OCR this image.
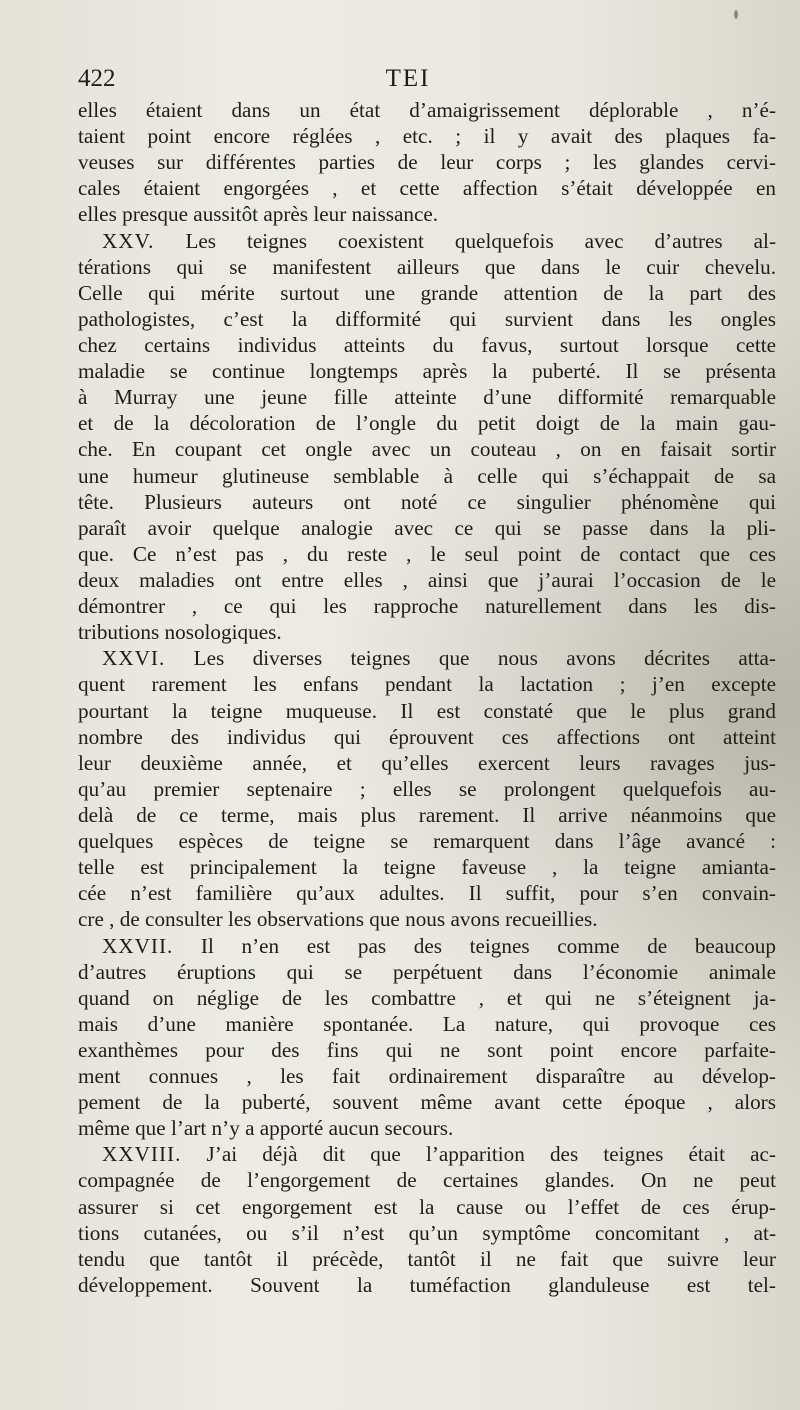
422	TEI
elles étaient dans un état d’amaigrissement déplorable , n’é-
taient point encore réglées , etc. ; il y avait des plaques fa-
veuses sur différentes parties de leur corps ; les glandes cervi-
cales étaient engorgées , et cette affection s’était développée en
elles presque aussitôt après leur naissance.
XXV. Les teignes coexistent quelquefois avec d’autres al-
térations qui se manifestent ailleurs que dans le cuir chevelu.
Celle qui mérite surtout une grande attention de la part des
pathologistes, c’est la difformité qui survient dans les ongles
chez certains individus atteints du favus, surtout lorsque cette
maladie se continue longtemps après la puberté. Il se présenta
à Murray une jeune fille atteinte d’une difformité remarquable
et de la décoloration de l’ongle du petit doigt de la main gau-
che. En coupant cet ongle avec un couteau , on en faisait sortir
une humeur glutineuse semblable à celle qui s’échappait de sa
tête. Plusieurs auteurs ont noté ce singulier phénomène qui
paraît avoir quelque analogie avec ce qui se passe dans la pli-
que. Ce n’est pas , du reste , le seul point de contact que ces
deux maladies ont entre elles , ainsi que j’aurai l’occasion de le
démontrer , ce qui les rapproche naturellement dans les dis-
tributions nosologiques.
XXVI. Les diverses teignes que nous avons décrites atta-
quent rarement les enfans pendant la lactation ; j’en excepte
pourtant la teigne muqueuse. Il est constaté que le plus grand
nombre des individus qui éprouvent ces affections ont atteint
leur deuxième année, et qu’elles exercent leurs ravages jus-
qu’au premier septenaire ; elles se prolongent quelquefois au-
delà de ce terme, mais plus rarement. Il arrive néanmoins que
quelques espèces de teigne se remarquent dans l’âge avancé :
telle est principalement la teigne faveuse , la teigne amianta-
cée n’est familière qu’aux adultes. Il suffit, pour s’en convain-
cre , de consulter les observations que nous avons recueillies.
XXVII. Il n’en est pas des teignes comme de beaucoup
d’autres éruptions qui se perpétuent dans l’économie animale
quand on néglige de les combattre , et qui ne s’éteignent ja-
mais d’une manière spontanée. La nature, qui provoque ces
exanthèmes pour des fins qui ne sont point encore parfaite-
ment connues , les fait ordinairement disparaître au dévelop-
pement de la puberté, souvent même avant cette époque , alors
même que l’art n’y a apporté aucun secours.
XXVIII. J’ai déjà dit que l’apparition des teignes était ac-
compagnée de l’engorgement de certaines glandes. On ne peut
assurer si cet engorgement est la cause ou l’effet de ces érup-
tions cutanées, ou s’il n’est qu’un symptôme concomitant , at-
tendu que tantôt il précède, tantôt il ne fait que suivre leur
développement. Souvent la tuméfaction glanduleuse est tel-
